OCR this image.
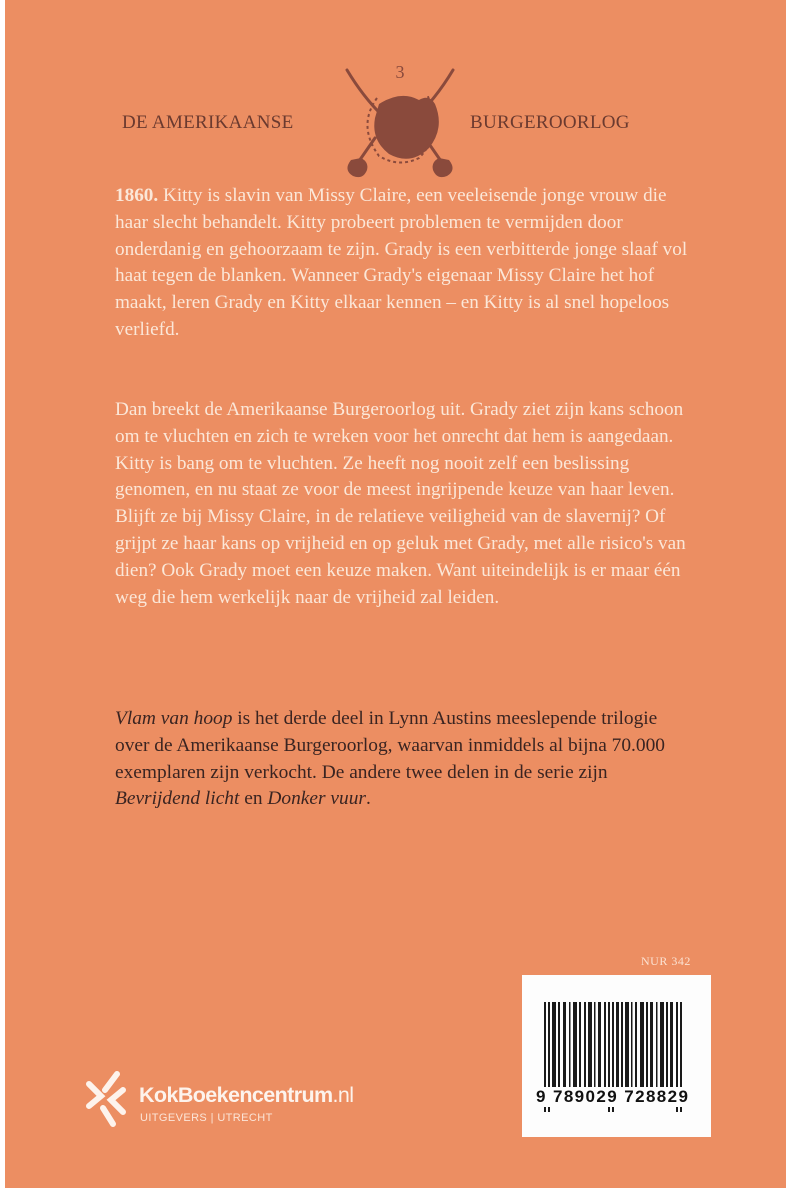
DE AMERIKAANSE
3
BURGEROORLOG

1860. Kitty is slavin van Missy Claire, een veeleisende jonge vrouw die haar slecht behandelt. Kitty probeert problemen te vermijden door onderdanig en gehoorzaam te zijn. Grady is een verbitterde jonge slaaf vol haat tegen de blanken. Wanneer Grady's eigenaar Missy Claire het hof maakt, leren Grady en Kitty elkaar kennen – en Kitty is al snel hopeloos verliefd.

Dan breekt de Amerikaanse Burgeroorlog uit. Grady ziet zijn kans schoon om te vluchten en zich te wreken voor het onrecht dat hem is aangedaan. Kitty is bang om te vluchten. Ze heeft nog nooit zelf een beslissing genomen, en nu staat ze voor de meest ingrijpende keuze van haar leven. Blijft ze bij Missy Claire, in de relatieve veiligheid van de slavernij? Of grijpt ze haar kans op vrijheid en op geluk met Grady, met alle risico's van dien? Ook Grady moet een keuze maken. Want uiteindelijk is er maar één weg die hem werkelijk naar de vrijheid zal leiden.

Vlam van hoop is het derde deel in Lynn Austins meeslepende trilogie over de Amerikaanse Burgeroorlog, waarvan inmiddels al bijna 70.000 exemplaren zijn verkocht. De andere twee delen in de serie zijn Bevrijdend licht en Donker vuur.

NUR 342
9 789029 728829
KokBoekencentrum.nl
UITGEVERS | UTRECHT
